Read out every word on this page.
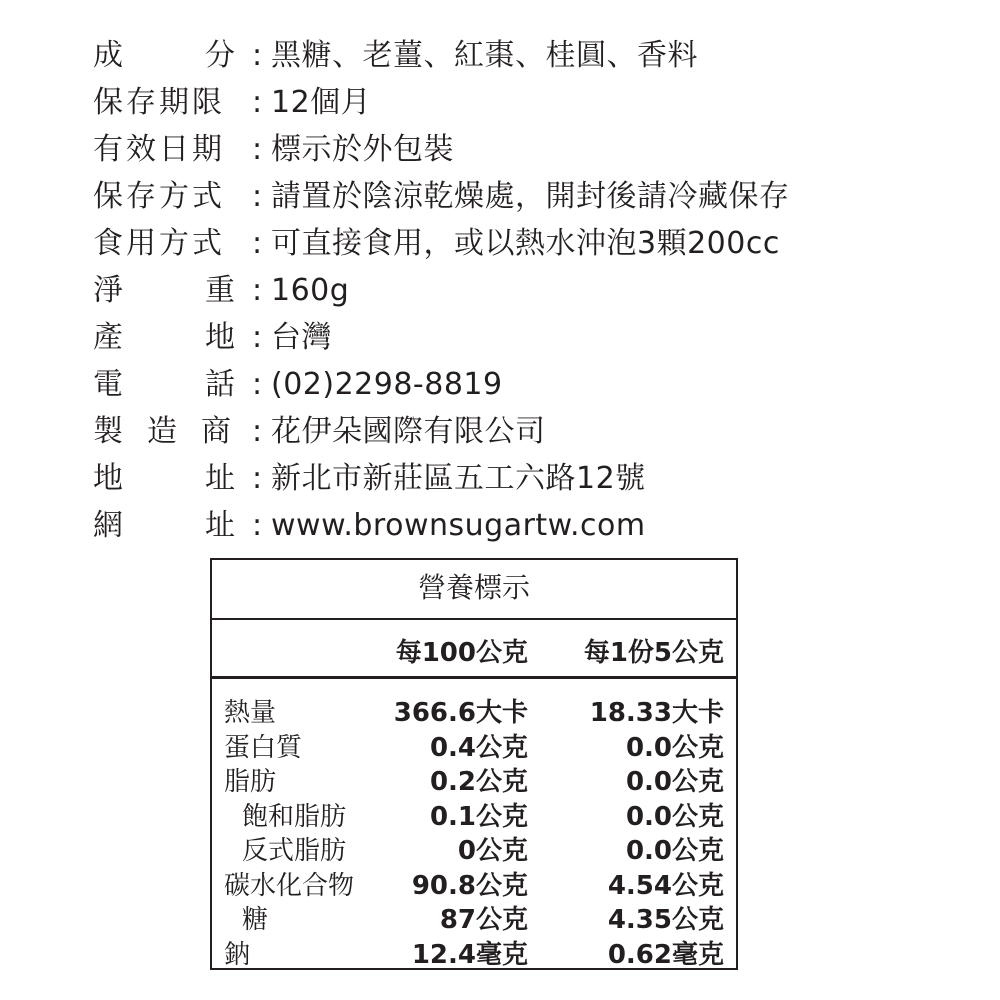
成	分 : 黑糖、老薑、紅棗、桂圓、香料
保存期限 : 12個月
有效日期 : 標示於外包裝
保存方式 : 請置於陰涼乾燥處，開封後請冷藏保存
食用方式 : 可直接食用，或以熱水沖泡3顆200cc
淨	重 : 160g
產	地 : 台灣
電	話 : (02)2298-8819
製 造 商 : 花伊朵國際有限公司
地	址 : 新北市新莊區五工六路12號
網	址 : www.brownsugartw.com
營養標示
每100公克 每1份5公克
熱量	366.6大卡 18.33大卡
蛋白質	0.4公克	0.0公克
脂肪	0.2公克	0.0公克
飽和脂肪	0.1公克	0.0公克
反式脂肪	0公克	0.0公克
碳水化合物 90.8公克	4.54公克
糖	87公克	4.35公克
鈉	12.4毫克	0.62毫克
